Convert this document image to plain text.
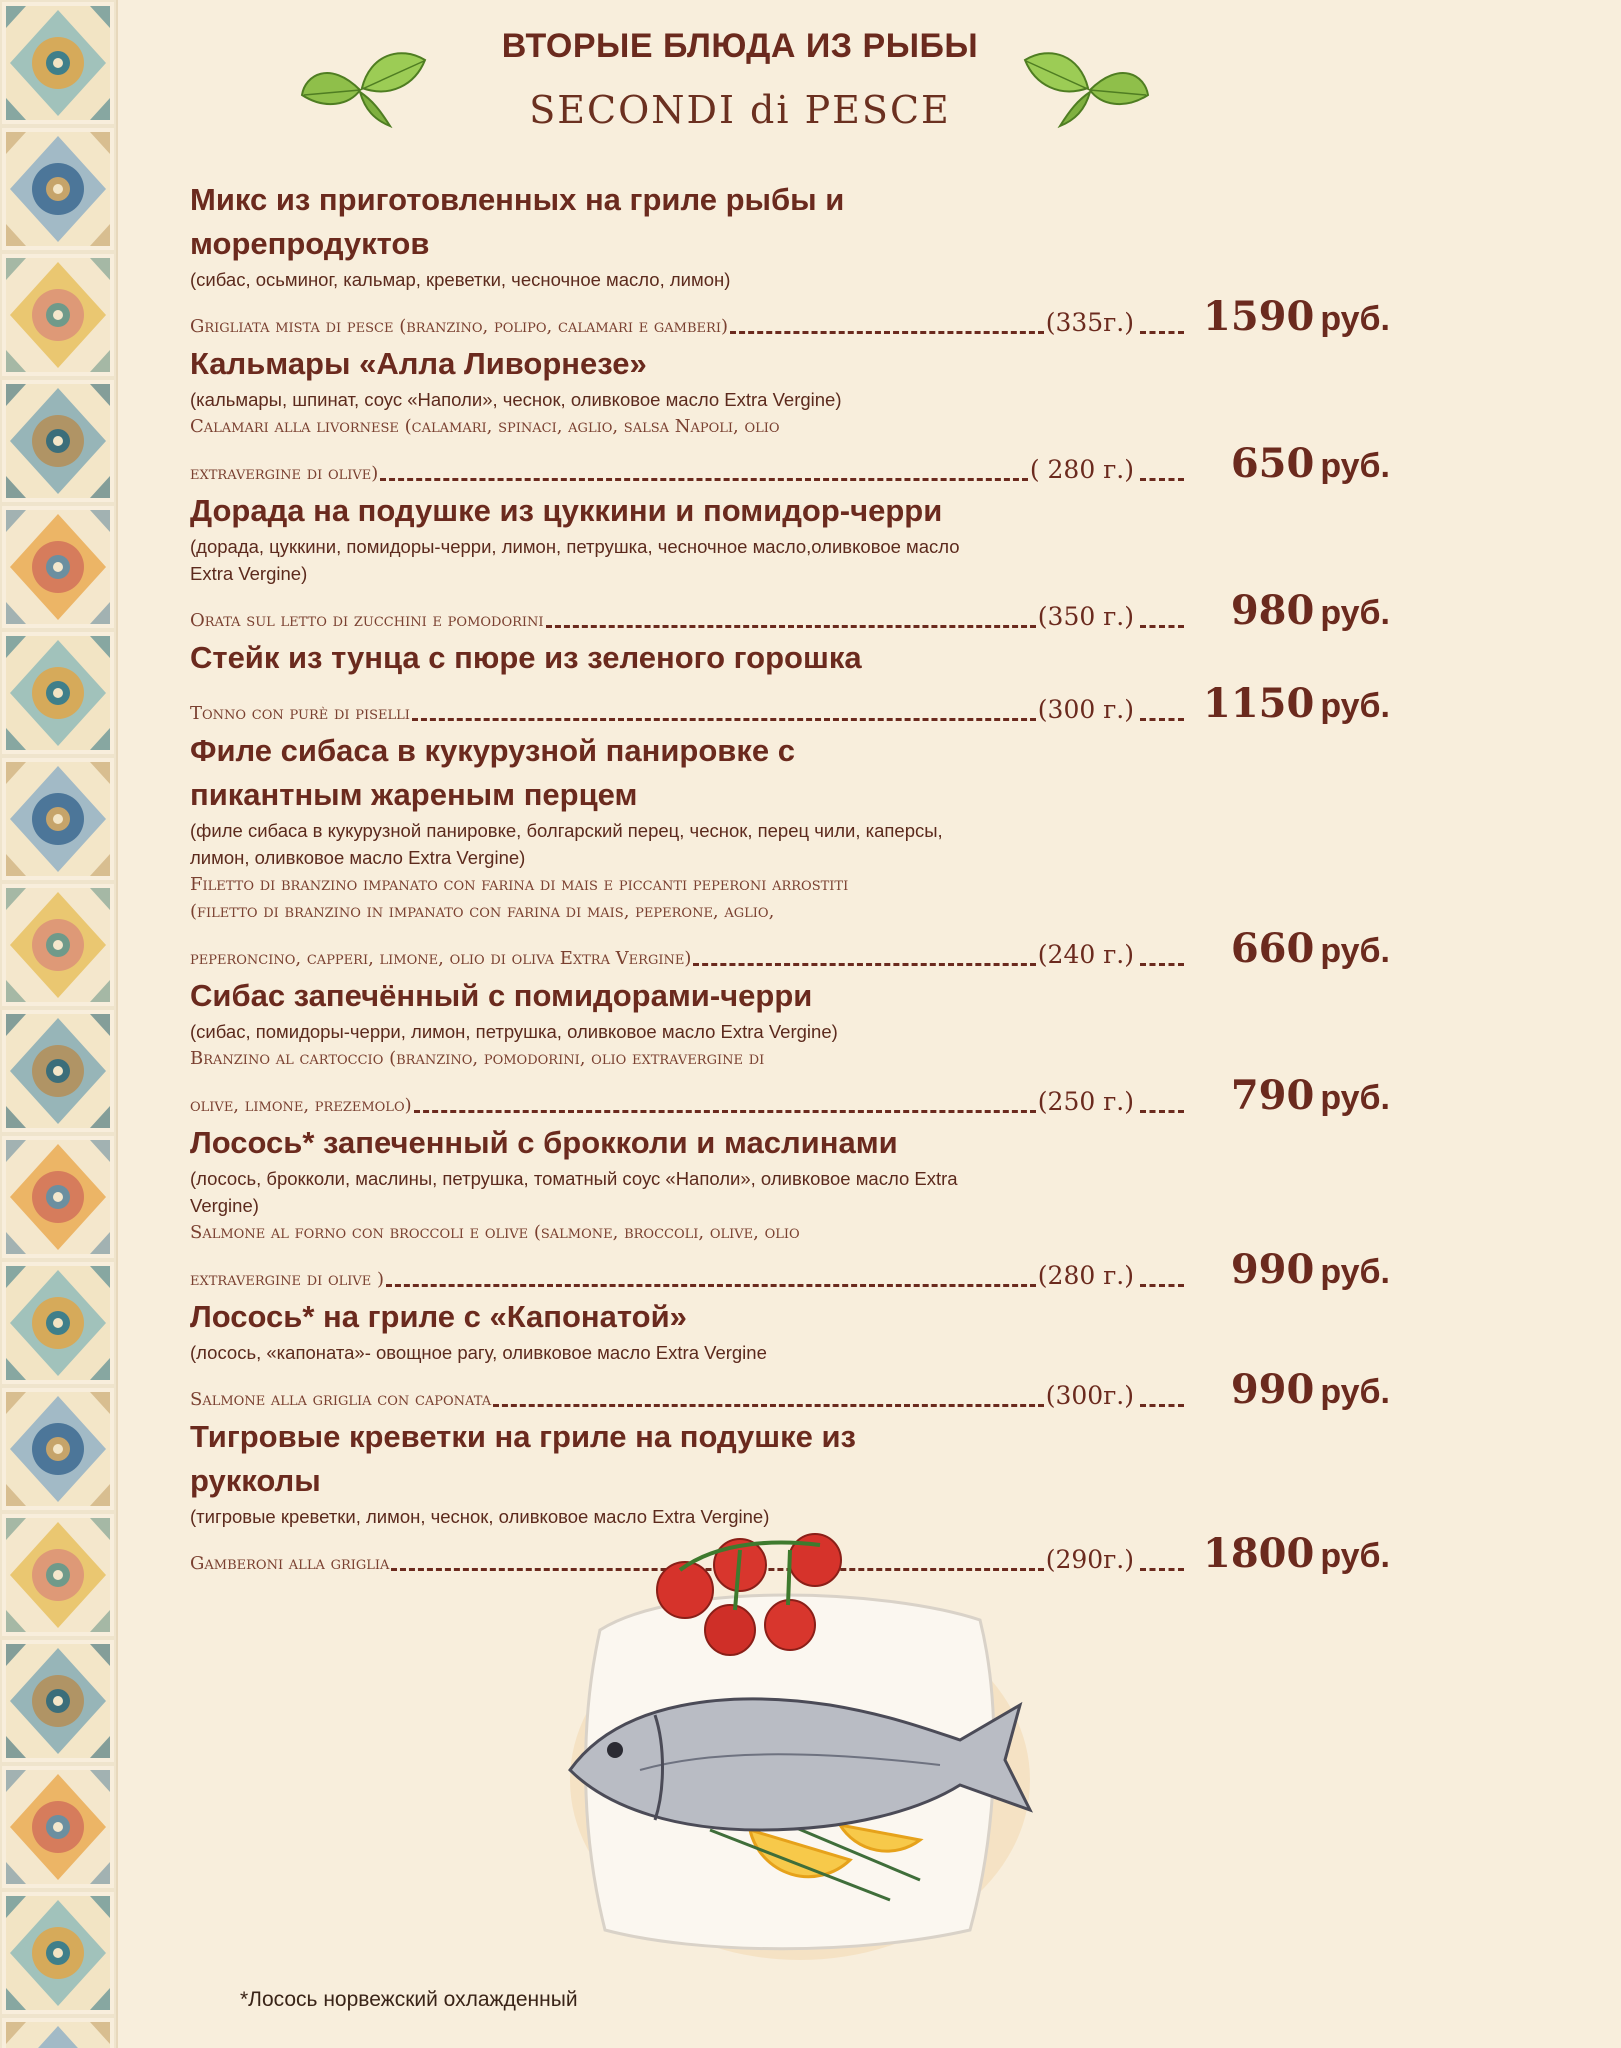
ВТОРЫЕ БЛЮДА ИЗ РЫБЫ
SECONDI di PESCE
Микс из приготовленных на гриле рыбы и морепродуктов
(сибас, осьминог, кальмар, креветки, чесночное масло, лимон)
Grigliata mista di pesce (branzino, polipo, calamari e gamberi)	(335г.)	1590 руб.
Кальмары «Алла Ливорнезе»
(кальмары, шпинат, соус «Наполи», чеснок, оливковое масло Extra Vergine)
Calamari alla livornese (calamari, spinaci, aglio, salsa Napoli, olio
extravergine di olive)	( 280 г.)	650 руб.
Дорада на подушке из цуккини и помидор-черри
(дорада, цуккини, помидоры-черри, лимон, петрушка, чесночное масло,оливковое масло Extra Vergine)
Orata sul letto di zucchini e pomodorini	(350 г.)	980 руб.
Стейк из тунца с пюре из зеленого горошка
Tonno con purè di piselli	(300 г.)	1150 руб.
Филе сибаса в кукурузной панировке с пикантным жареным перцем
(филе сибаса в кукурузной панировке, болгарский перец, чеснок, перец чили, каперсы, лимон, оливковое масло Extra Vergine)
Filetto di branzino impanato con farina di mais e piccanti peperoni arrostiti
(filetto di branzino in impanato con farina di mais, peperone, aglio,
peperoncino, capperi, limone, olio di oliva Extra Vergine)	(240 г.)	660 руб.
Сибас запечённый с помидорами-черри
(сибас, помидоры-черри, лимон, петрушка, оливковое масло Extra Vergine)
Branzino al cartoccio (branzino, pomodorini, olio extravergine di
olive, limone, prezemolo)	(250 г.)	790 руб.
Лосось* запеченный с брокколи и маслинами
(лосось, брокколи, маслины, петрушка, томатный соус «Наполи», оливковое масло Extra Vergine)
Salmone al forno con broccoli e olive (salmone, broccoli, olive, olio
extravergine di olive )	(280 г.)	990 руб.
Лосось* на гриле с «Капонатой»
(лосось, «капоната»- овощное рагу, оливковое масло Extra Vergine
Salmone alla griglia con caponata	(300г.)	990 руб.
Тигровые креветки на гриле на подушке из рукколы
(тигровые креветки, лимон, чеснок, оливковое масло Extra Vergine)
Gamberoni alla griglia	(290г.)	1800 руб.
*Лосось норвежский охлажденный
